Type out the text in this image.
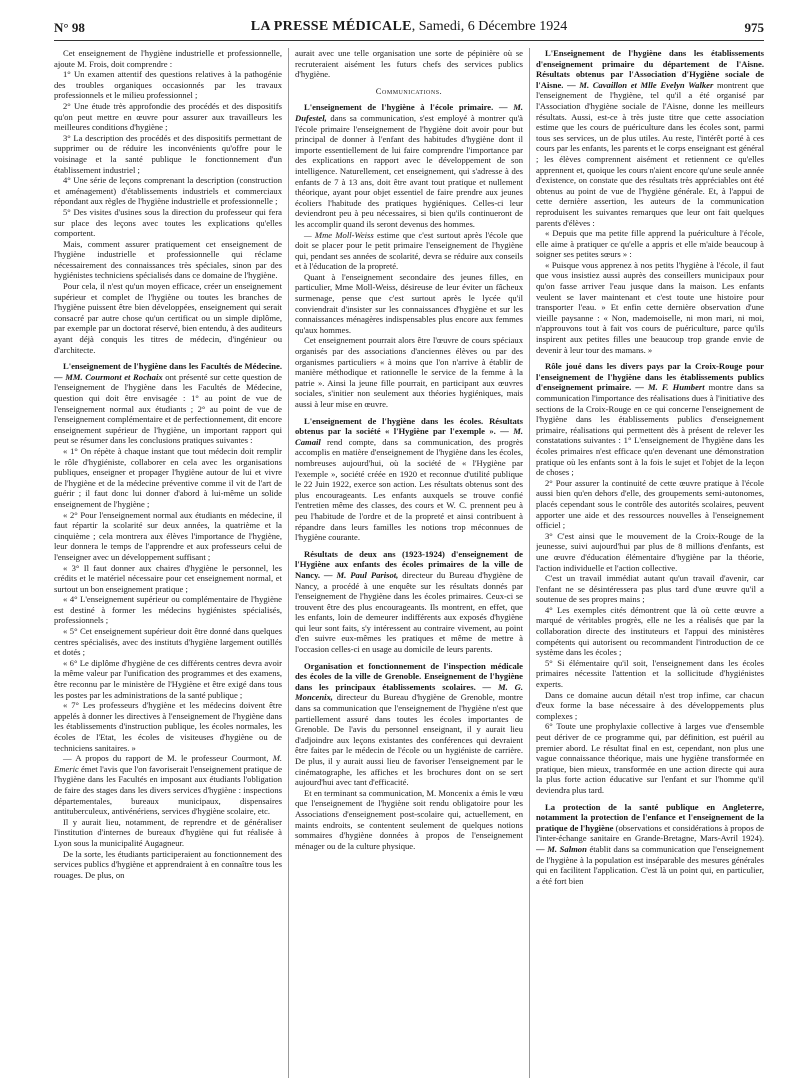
N° 98	LA PRESSE MÉDICALE, Samedi, 6 Décembre 1924	975

Cet enseignement de l'hygiène industrielle et professionnelle, ajoute M. Frois, doit comprendre :

1° Un examen attentif des questions relatives à la pathogénie des troubles organiques occasionnés par les travaux professionnels et le milieu professionnel ;

2° Une étude très approfondie des procédés et des dispositifs qu'on peut mettre en œuvre pour assurer aux travailleurs les meilleures conditions d'hygiène ;

3° La description des procédés et des dispositifs permettant de supprimer ou de réduire les inconvénients qu'offre pour le voisinage et la santé publique le fonctionnement d'un établissement industriel ;

4° Une série de leçons comprenant la description (construction et aménagement) d'établissements industriels et commerciaux répondant aux règles de l'hygiène industrielle et professionnelle ;

5° Des visites d'usines sous la direction du professeur qui fera sur place des leçons avec toutes les explications qu'elles comportent.

Mais, comment assurer pratiquement cet enseignement de l'hygiène industrielle et professionnelle qui réclame nécessairement des connaissances très spéciales, sinon par des hygiénistes techniciens spécialisés dans ce domaine de l'hygiène.

Pour cela, il n'est qu'un moyen efficace, créer un enseignement supérieur et complet de l'hygiène ou toutes les branches de l'hygiène puissent être bien développées, enseignement qui serait consacré par autre chose qu'un certificat ou un simple diplôme, par exemple par un doctorat réservé, bien entendu, à des auditeurs ayant déjà conquis les titres de médecin, d'ingénieur ou d'architecte.

L'enseignement de l'hygiène dans les Facultés de Médecine. — MM. Courmont et Rochaix ont présenté sur cette question de l'enseignement de l'hygiène dans les Facultés de Médecine, question qui doit être envisagée : 1° au point de vue de l'enseignement normal aux étudiants ; 2° au point de vue de l'enseignement complémentaire et de perfectionnement, dit encore enseignement supérieur de l'hygiène, un important rapport qui peut se résumer dans les conclusions pratiques suivantes :

« 1° On répète à chaque instant que tout médecin doit remplir le rôle d'hygiéniste, collaborer en cela avec les organisations publiques, enseigner et propager l'hygiène autour de lui et vivre de l'hygiène et de la médecine préventive comme il vit de l'art de guérir ; il faut donc lui donner d'abord à lui-même un solide enseignement de l'hygiène ;

« 2° Pour l'enseignement normal aux étudiants en médecine, il faut répartir la scolarité sur deux années, la quatrième et la cinquième ; cela montrera aux élèves l'importance de l'hygiène, leur donnera le temps de l'apprendre et aux professeurs celui de l'enseigner avec un développement suffisant ;

« 3° Il faut donner aux chaires d'hygiène le personnel, les crédits et le matériel nécessaire pour cet enseignement normal, et surtout un bon enseignement pratique ;

« 4° L'enseignement supérieur ou complémentaire de l'hygiène est destiné à former les médecins hygiénistes spécialisés, professionnels ;

« 5° Cet enseignement supérieur doit être donné dans quelques centres spécialisés, avec des instituts d'hygiène largement outillés et dotés ;

« 6° Le diplôme d'hygiène de ces différents centres devra avoir la même valeur par l'unification des programmes et des examens, être reconnu par le ministère de l'Hygiène et être exigé dans tous les postes par les administrations de la santé publique ;

« 7° Les professeurs d'hygiène et les médecins doivent être appelés à donner les directives à l'enseignement de l'hygiène dans les établissements d'instruction publique, les écoles normales, les écoles de l'Etat, les écoles de visiteuses d'hygiène ou de techniciens sanitaires. »

— A propos du rapport de M. le professeur Courmont, M. Emeric émet l'avis que l'on favoriserait l'enseignement pratique de l'hygiène dans les Facultés en imposant aux étudiants l'obligation de faire des stages dans les divers services d'hygiène : inspections départementales, bureaux municipaux, dispensaires antituberculeux, antivénériens, services d'hygiène scolaire, etc.

Il y aurait lieu, notamment, de reprendre et de généraliser l'institution d'internes de bureaux d'hygiène qui fut réalisée à Lyon sous la municipalité Augagneur.

De la sorte, les étudiants participeraient au fonctionnement des services publics d'hygiène et apprendraient à en connaître tous les rouages. De plus, on

aurait avec une telle organisation une sorte de pépinière où se recruteraient aisément les futurs chefs des services publics d'hygiène.

Communications.

L'enseignement de l'hygiène à l'école primaire. — M. Dufestel, dans sa communication, s'est employé à montrer qu'à l'école primaire l'enseignement de l'hygiène doit avoir pour but principal de donner à l'enfant des habitudes d'hygiène dont il importe essentiellement de lui faire comprendre l'importance par des explications en rapport avec le développement de son intelligence. Naturellement, cet enseignement, qui s'adresse à des enfants de 7 à 13 ans, doit être avant tout pratique et nullement théorique, ayant pour objet essentiel de faire prendre aux jeunes écoliers l'habitude des pratiques hygiéniques. Celles-ci leur deviendront peu à peu nécessaires, si bien qu'ils continueront de les accomplir quand ils seront devenus des hommes.

— Mme Moll-Weiss estime que c'est surtout après l'école que doit se placer pour le petit primaire l'enseignement de l'hygiène qui, pendant ses années de scolarité, devra se réduire aux conseils et à l'éducation de la propreté.

Quant à l'enseignement secondaire des jeunes filles, en particulier, Mme Moll-Weiss, désireuse de leur éviter un fâcheux surmenage, pense que c'est surtout après le lycée qu'il conviendrait d'insister sur les connaissances d'hygiène et sur les connaissances ménagères indispensables plus encore aux femmes qu'aux hommes.

Cet enseignement pourrait alors être l'œuvre de cours spéciaux organisés par des associations d'anciennes élèves ou par des organismes particuliers « à moins que l'on n'arrive à établir de manière méthodique et rationnelle le service de la femme à la patrie ». Ainsi la jeune fille pourrait, en participant aux œuvres sociales, s'initier non seulement aux théories hygiéniques, mais aussi à leur mise en œuvre.

L'enseignement de l'hygiène dans les écoles. Résultats obtenus par la société « l'Hygiène par l'exemple ». — M. Camail rend compte, dans sa communication, des progrès accomplis en matière d'enseignement de l'hygiène dans les écoles, nombreuses aujourd'hui, où la société de « l'Hygiène par l'exemple », société créée en 1920 et reconnue d'utilité publique le 22 Juin 1922, exerce son action. Les résultats obtenus sont des plus encourageants. Les enfants auxquels se trouve confié l'entretien même des classes, des cours et W. C. prennent peu à peu l'habitude de l'ordre et de la propreté et ainsi contribuent à répandre dans leurs familles les notions trop méconnues de l'hygiène courante.

Résultats de deux ans (1923-1924) d'enseignement de l'Hygiène aux enfants des écoles primaires de la ville de Nancy. — M. Paul Parisot, directeur du Bureau d'hygiène de Nancy, a procédé à une enquête sur les résultats donnés par l'enseignement de l'hygiène dans les écoles primaires. Ceux-ci se trouvent être des plus encourageants. Ils montrent, en effet, que les enfants, loin de demeurer indifférents aux exposés d'hygiène qui leur sont faits, s'y intéressent au contraire vivement, au point d'en suivre eux-mêmes les pratiques et même de mettre à l'occasion celles-ci en usage au domicile de leurs parents.

Organisation et fonctionnement de l'inspection médicale des écoles de la ville de Grenoble. Enseignement de l'hygiène dans les principaux établissements scolaires. — M. G. Moncenix, directeur du Bureau d'hygiène de Grenoble, montre dans sa communication que l'enseignement de l'hygiène n'est que partiellement assuré dans toutes les écoles importantes de Grenoble. De l'avis du personnel enseignant, il y aurait lieu d'adjoindre aux leçons existantes des conférences qui devraient être faites par le médecin de l'école ou un hygiéniste de carrière. De plus, il y aurait aussi lieu de favoriser l'enseignement par le cinématographe, les affiches et les brochures dont on se sert aujourd'hui avec tant d'efficacité.

Et en terminant sa communication, M. Moncenix a émis le vœu que l'enseignement de l'hygiène soit rendu obligatoire pour les Associations d'enseignement post-scolaire qui, actuellement, en maints endroits, se contentent seulement de quelques notions sommaires d'hygiène données à propos de l'enseignement ménager ou de la culture physique.

L'Enseignement de l'hygiène dans les établissements d'enseignement primaire du département de l'Aisne. Résultats obtenus par l'Association d'Hygiène sociale de l'Aisne. — M. Cavaillon et Mlle Evelyn Walker montrent que l'enseignement de l'hygiène, tel qu'il a été organisé par l'Association d'hygiène sociale de l'Aisne, donne les meilleurs résultats. Aussi, est-ce à très juste titre que cette association estime que les cours de puériculture dans les écoles sont, parmi tous ses services, un de plus utiles. Au reste, l'intérêt porté à ces cours par les enfants, les parents et le corps enseignant est général ; les élèves comprennent aisément et retiennent ce qu'elles apprennent et, quoique les cours n'aient encore qu'une seule année d'existence, on constate que des résultats très appréciables ont été obtenus au point de vue de l'hygiène générale. Et, à l'appui de cette dernière assertion, les auteurs de la communication reproduisent les suivantes remarques que leur ont fait quelques parents d'élèves :

« Depuis que ma petite fille apprend la puériculture à l'école, elle aime à pratiquer ce qu'elle a appris et elle m'aide beaucoup à soigner ses petites sœurs » :

« Puisque vous apprenez à nos petits l'hygiène à l'école, il faut que vous insistiez aussi auprès des conseillers municipaux pour qu'on fasse arriver l'eau jusque dans la maison. Les enfants veulent se laver maintenant et c'est toute une histoire pour transporter l'eau. » Et enfin cette dernière observation d'une vieille paysanne : « Non, mademoiselle, ni mon mari, ni moi, n'approuvons tout à fait vos cours de puériculture, parce qu'ils inspirent aux petites filles une beaucoup trop grande envie de devenir à leur tour des mamans. »

Rôle joué dans les divers pays par la Croix-Rouge pour l'enseignement de l'hygiène dans les établissements publics d'enseignement primaire. — M. F. Humbert montre dans sa communication l'importance des réalisations dues à l'initiative des sections de la Croix-Rouge en ce qui concerne l'enseignement de l'hygiène dans les établissements publics d'enseignement primaire, réalisations qui permettent dès à présent de relever les constatations suivantes : 1° L'enseignement de l'hygiène dans les écoles primaires n'est efficace qu'en devenant une démonstration pratique où les enfants sont à la fois le sujet et l'objet de la leçon de choses ;

2° Pour assurer la continuité de cette œuvre pratique à l'école aussi bien qu'en dehors d'elle, des groupements semi-autonomes, placés cependant sous le contrôle des autorités scolaires, peuvent apporter une aide et des ressources nouvelles à l'enseignement officiel ;

3° C'est ainsi que le mouvement de la Croix-Rouge de la jeunesse, suivi aujourd'hui par plus de 8 millions d'enfants, est une œuvre d'éducation élémentaire d'hygiène par la théorie, l'action individuelle et l'action collective.

C'est un travail immédiat autant qu'un travail d'avenir, car l'enfant ne se désintéressera pas plus tard d'une œuvre qu'il a soutenue de ses propres mains ;

4° Les exemples cités démontrent que là où cette œuvre a marqué de véritables progrès, elle ne les a réalisés que par la collaboration directe des instituteurs et l'appui des ministères compétents qui autorisent ou recommandent l'introduction de ce système dans les écoles ;

5° Si élémentaire qu'il soit, l'enseignement dans les écoles primaires nécessite l'attention et la sollicitude d'hygiénistes experts.

Dans ce domaine aucun détail n'est trop infime, car chacun d'eux forme la base nécessaire à des développements plus complexes ;

6° Toute une prophylaxie collective à larges vue d'ensemble peut dériver de ce programme qui, par définition, est puéril au premier abord. Le résultat final en est, cependant, non plus une vague connaissance théorique, mais une hygiène transformée en pratique, bien mieux, transformée en une action directe qui aura la plus forte action éducative sur l'enfant et sur l'homme qu'il deviendra plus tard.

La protection de la santé publique en Angleterre, notamment la protection de l'enfance et l'enseignement de la pratique de l'hygiène (observations et considérations à propos de l'inter-échange sanitaire en Grande-Bretagne, Mars-Avril 1924). — M. Salmon établit dans sa communication que l'enseignement de l'hygiène à la population est inséparable des mesures générales qui en facilitent l'application. C'est là un point qui, en particulier, a été fort bien
